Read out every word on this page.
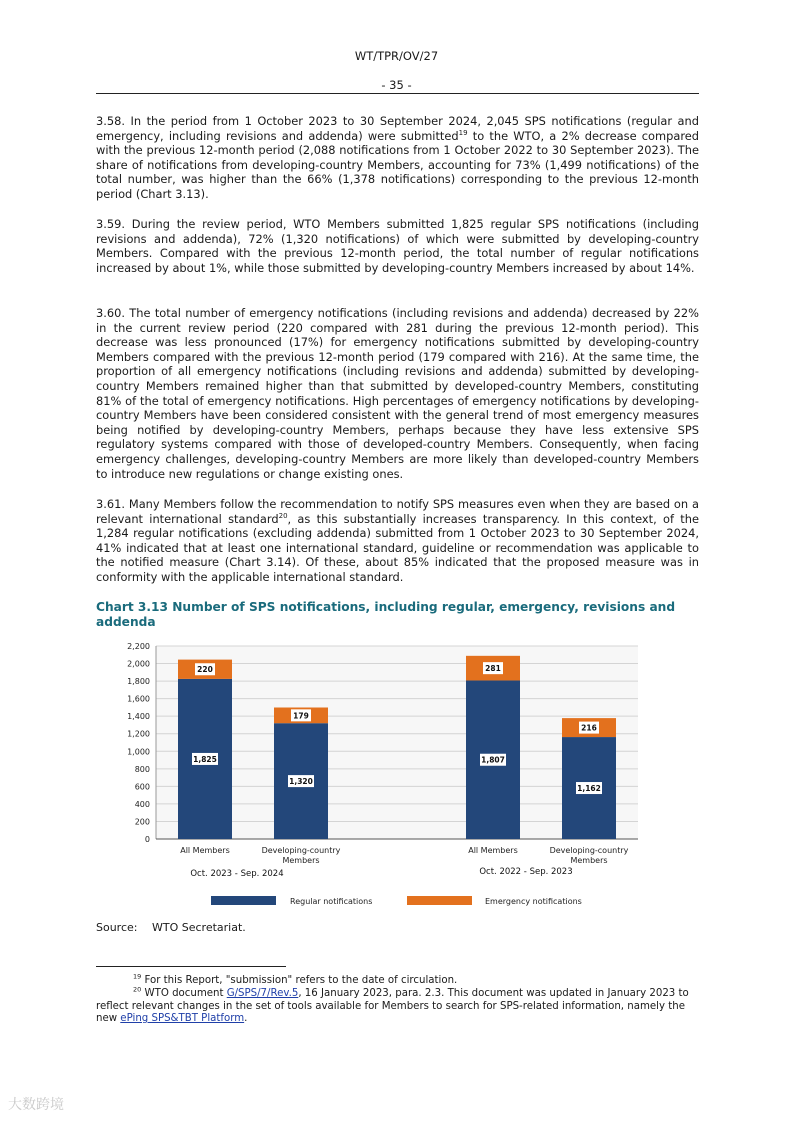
WT/TPR/OV/27
- 35 -

3.58. In the period from 1 October 2023 to 30 September 2024, 2,045 SPS notifications (regular and emergency, including revisions and addenda) were submitted$^{19}$ to the WTO, a 2% decrease compared with the previous 12-month period (2,088 notifications from 1 October 2022 to 30 September 2023). The share of notifications from developing-country Members, accounting for 73% (1,499 notifications) of the total number, was higher than the 66% (1,378 notifications) corresponding to the previous 12-month period (Chart 3.13).

3.59. During the review period, WTO Members submitted 1,825 regular SPS notifications (including revisions and addenda), 72% (1,320 notifications) of which were submitted by developing-country Members. Compared with the previous 12-month period, the total number of regular notifications increased by about 1%, while those submitted by developing-country Members increased by about 14%.

3.60. The total number of emergency notifications (including revisions and addenda) decreased by 22% in the current review period (220 compared with 281 during the previous 12-month period). This decrease was less pronounced (17%) for emergency notifications submitted by developing-country Members compared with the previous 12-month period (179 compared with 216). At the same time, the proportion of all emergency notifications (including revisions and addenda) submitted by developing-country Members remained higher than that submitted by developed-country Members, constituting 81% of the total of emergency notifications. High percentages of emergency notifications by developing-country Members have been considered consistent with the general trend of most emergency measures being notified by developing-country Members, perhaps because they have less extensive SPS regulatory systems compared with those of developed-country Members. Consequently, when facing emergency challenges, developing-country Members are more likely than developed-country Members to introduce new regulations or change existing ones.

3.61. Many Members follow the recommendation to notify SPS measures even when they are based on a relevant international standard$^{20}$, as this substantially increases transparency. In this context, of the 1,284 regular notifications (excluding addenda) submitted from 1 October 2023 to 30 September 2024, 41% indicated that at least one international standard, guideline or recommendation was applicable to the notified measure (Chart 3.14). Of these, about 85% indicated that the proposed measure was in conformity with the applicable international standard.

Chart 3.13 Number of SPS notifications, including regular, emergency, revisions and addenda

0
200
400
600
800
1,000
1,200
1,400
1,600
1,800
2,000
2,200
1,825
220
1,320
179
1,807
281
1,162
216
All Members	Developing-country Members
All Members	Developing-country Members
Oct. 2023 - Sep. 2024	Oct. 2022 - Sep. 2023
Regular notifications	Emergency notifications
Source: WTO Secretariat.

$^{19}$ For this Report, "submission" refers to the date of circulation.

$^{20}$ WTO document G/SPS/7/Rev.5, 16 January 2023, para. 2.3. This document was updated in January 2023 to reflect relevant changes in the set of tools available for Members to search for SPS-related information, namely the new ePing SPS&TBT Platform.

大数跨境
